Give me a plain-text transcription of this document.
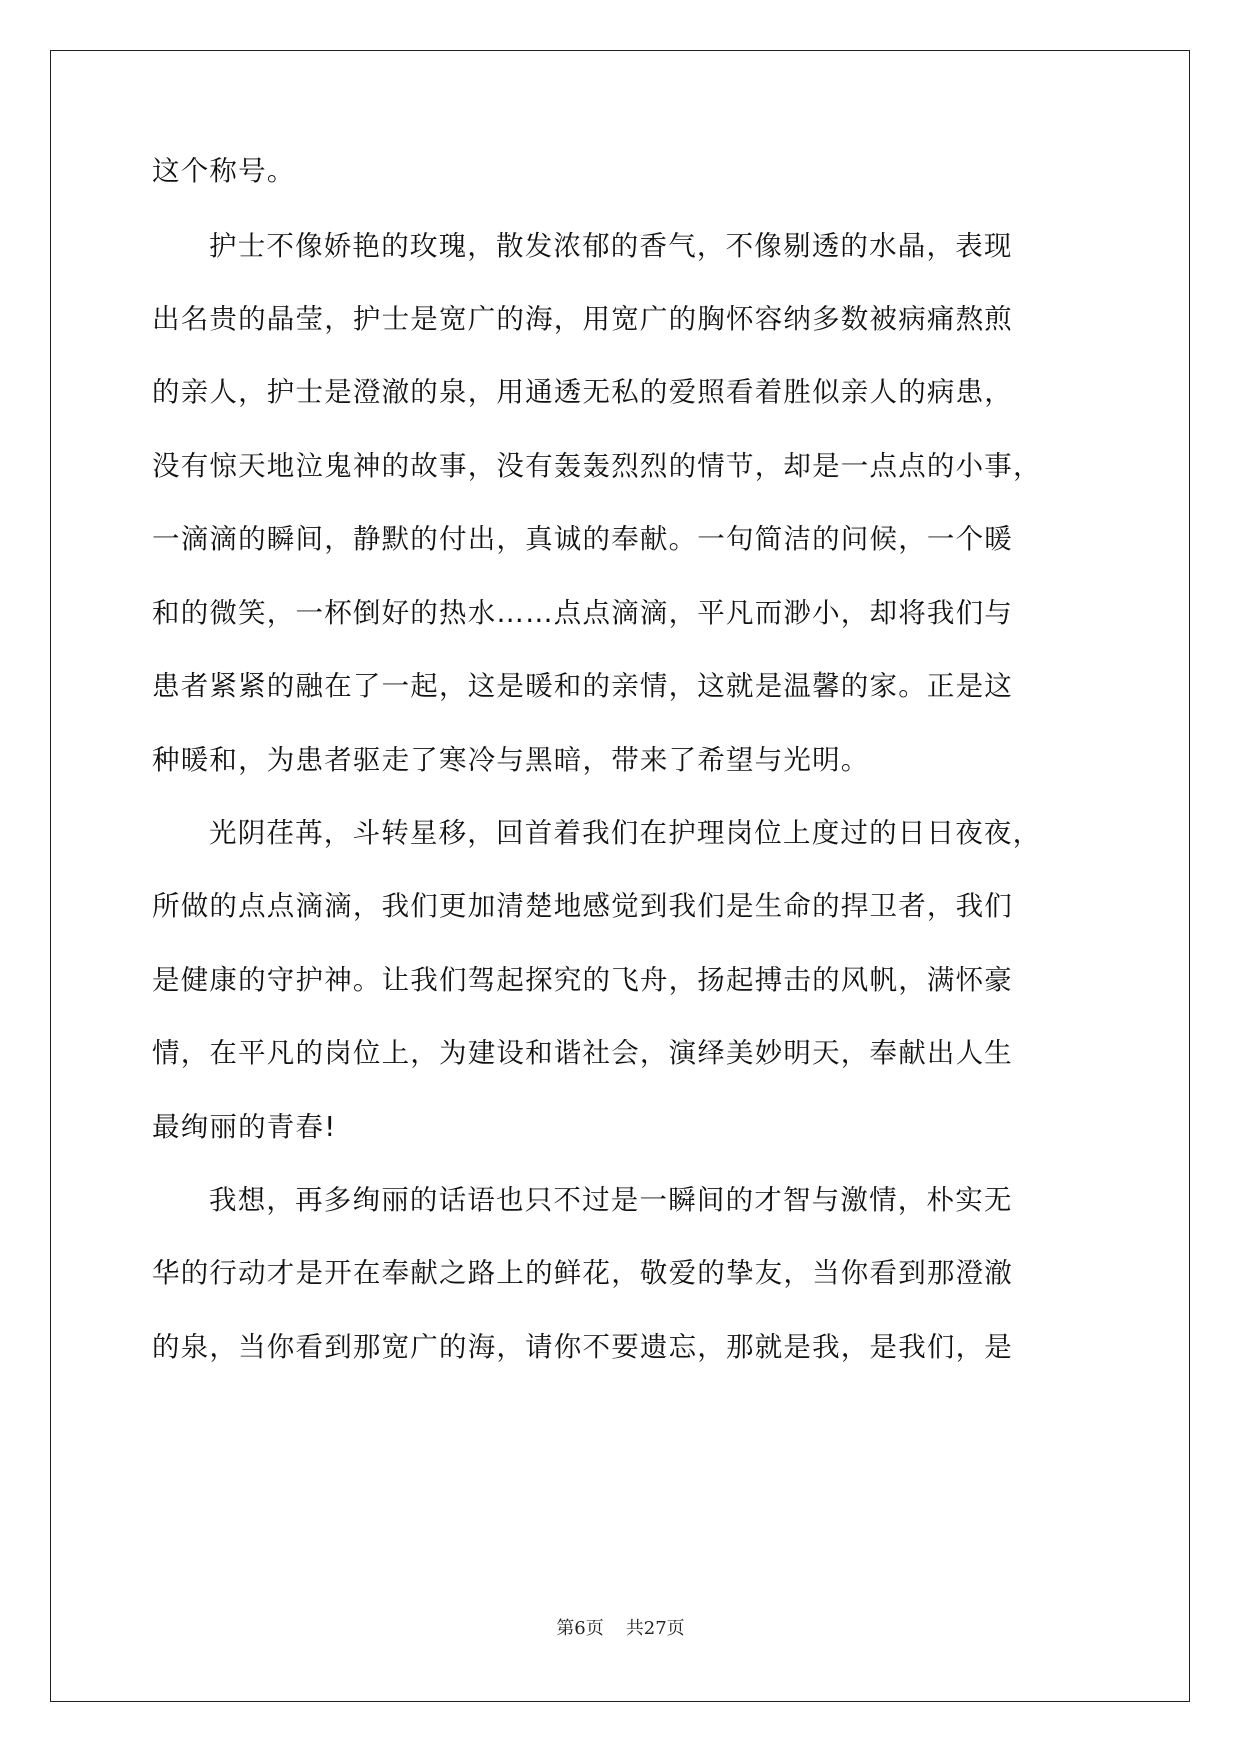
这个称号。
护士不像娇艳的玫瑰，散发浓郁的香气，不像剔透的水晶，表现
出名贵的晶莹，护士是宽广的海，用宽广的胸怀容纳多数被病痛熬煎
的亲人，护士是澄澈的泉，用通透无私的爱照看着胜似亲人的病患，
没有惊天地泣鬼神的故事，没有轰轰烈烈的情节，却是一点点的小事，
一滴滴的瞬间，静默的付出，真诚的奉献。一句简洁的问候，一个暖
和的微笑，一杯倒好的热水……点点滴滴，平凡而渺小，却将我们与
患者紧紧的融在了一起，这是暖和的亲情，这就是温馨的家。正是这
种暖和，为患者驱走了寒冷与黑暗，带来了希望与光明。
光阴荏苒，斗转星移，回首着我们在护理岗位上度过的日日夜夜，
所做的点点滴滴，我们更加清楚地感觉到我们是生命的捍卫者，我们
是健康的守护神。让我们驾起探究的飞舟，扬起搏击的风帆，满怀豪
情，在平凡的岗位上，为建设和谐社会，演绎美妙明天，奉献出人生
最绚丽的青春!
我想，再多绚丽的话语也只不过是一瞬间的才智与激情，朴实无
华的行动才是开在奉献之路上的鲜花，敬爱的挚友，当你看到那澄澈
的泉，当你看到那宽广的海，请你不要遗忘，那就是我，是我们，是
第6页 共27页
